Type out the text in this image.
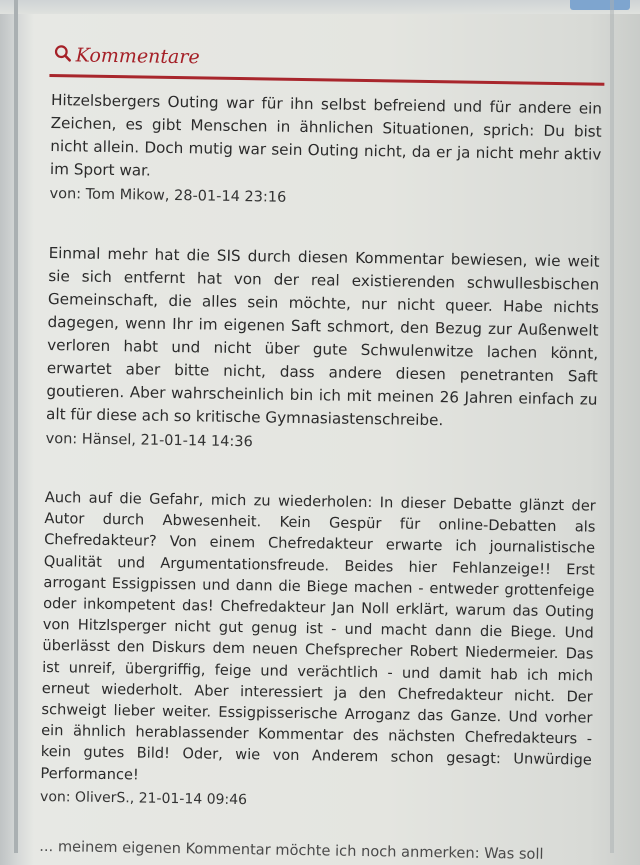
Kommentare

Hitzelsbergers Outing war für ihn selbst befreiend und für andere ein Zeichen, es gibt Menschen in ähnlichen Situationen, sprich: Du bist nicht allein. Doch mutig war sein Outing nicht, da er ja nicht mehr aktiv im Sport war.

von: Tom Mikow, 28-01-14 23:16

Einmal mehr hat die SIS durch diesen Kommentar bewiesen, wie weit sie sich entfernt hat von der real existierenden schwullesbischen Gemeinschaft, die alles sein möchte, nur nicht queer. Habe nichts dagegen, wenn Ihr im eigenen Saft schmort, den Bezug zur Außenwelt verloren habt und nicht über gute Schwulenwitze lachen könnt, erwartet aber bitte nicht, dass andere diesen penetranten Saft goutieren. Aber wahrscheinlich bin ich mit meinen 26 Jahren einfach zu alt für diese ach so kritische Gymnasiastenschreibe.

von: Hänsel, 21-01-14 14:36

Auch auf die Gefahr, mich zu wiederholen: In dieser Debatte glänzt der Autor durch Abwesenheit. Kein Gespür für online-Debatten als Chefredakteur? Von einem Chefredakteur erwarte ich journalistische Qualität und Argumentationsfreude. Beides hier Fehlanzeige!! Erst arrogant Essigpissen und dann die Biege machen - entweder grottenfeige oder inkompetent das! Chefredakteur Jan Noll erklärt, warum das Outing von Hitzlsperger nicht gut genug ist - und macht dann die Biege. Und überlässt den Diskurs dem neuen Chefsprecher Robert Niedermeier. Das ist unreif, übergriffig, feige und verächtlich - und damit hab ich mich erneut wiederholt. Aber interessiert ja den Chefredakteur nicht. Der schweigt lieber weiter. Essigpisserische Arroganz das Ganze. Und vorher ein ähnlich herablassender Kommentar des nächsten Chefredakteurs - kein gutes Bild! Oder, wie von Anderem schon gesagt: Unwürdige Performance!

von: OliverS., 21-01-14 09:46

... meinem eigenen Kommentar möchte ich noch anmerken: Was soll
